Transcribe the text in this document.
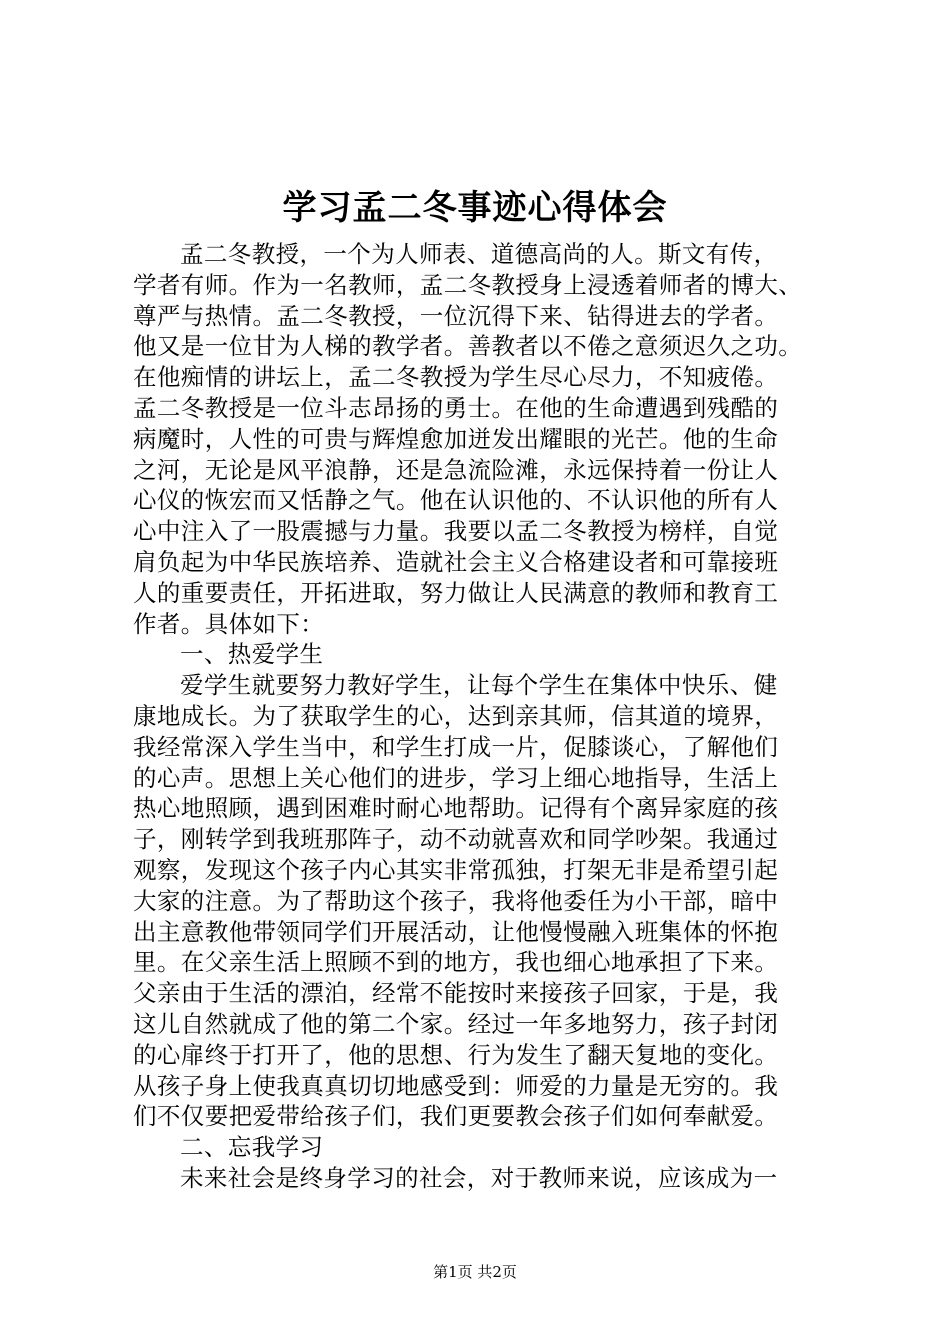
学习孟二冬事迹心得体会
孟二冬教授，一个为人师表、道德高尚的人。斯文有传，
学者有师。作为一名教师，孟二冬教授身上浸透着师者的博大、
尊严与热情。孟二冬教授，一位沉得下来、钻得进去的学者。
他又是一位甘为人梯的教学者。善教者以不倦之意须迟久之功。
在他痴情的讲坛上，孟二冬教授为学生尽心尽力，不知疲倦。
孟二冬教授是一位斗志昂扬的勇士。在他的生命遭遇到残酷的
病魔时，人性的可贵与辉煌愈加迸发出耀眼的光芒。他的生命
之河，无论是风平浪静，还是急流险滩，永远保持着一份让人
心仪的恢宏而又恬静之气。他在认识他的、不认识他的所有人
心中注入了一股震撼与力量。我要以孟二冬教授为榜样，自觉
肩负起为中华民族培养、造就社会主义合格建设者和可靠接班
人的重要责任，开拓进取，努力做让人民满意的教师和教育工
作者。具体如下：
一、热爱学生
爱学生就要努力教好学生，让每个学生在集体中快乐、健
康地成长。为了获取学生的心，达到亲其师，信其道的境界，
我经常深入学生当中，和学生打成一片，促膝谈心，了解他们
的心声。思想上关心他们的进步，学习上细心地指导，生活上
热心地照顾，遇到困难时耐心地帮助。记得有个离异家庭的孩
子，刚转学到我班那阵子，动不动就喜欢和同学吵架。我通过
观察，发现这个孩子内心其实非常孤独，打架无非是希望引起
大家的注意。为了帮助这个孩子，我将他委任为小干部，暗中
出主意教他带领同学们开展活动，让他慢慢融入班集体的怀抱
里。在父亲生活上照顾不到的地方，我也细心地承担了下来。
父亲由于生活的漂泊，经常不能按时来接孩子回家，于是，我
这儿自然就成了他的第二个家。经过一年多地努力，孩子封闭
的心扉终于打开了，他的思想、行为发生了翻天复地的变化。
从孩子身上使我真真切切地感受到：师爱的力量是无穷的。我
们不仅要把爱带给孩子们，我们更要教会孩子们如何奉献爱。
二、忘我学习
未来社会是终身学习的社会，对于教师来说，应该成为一
第1页 共2页
